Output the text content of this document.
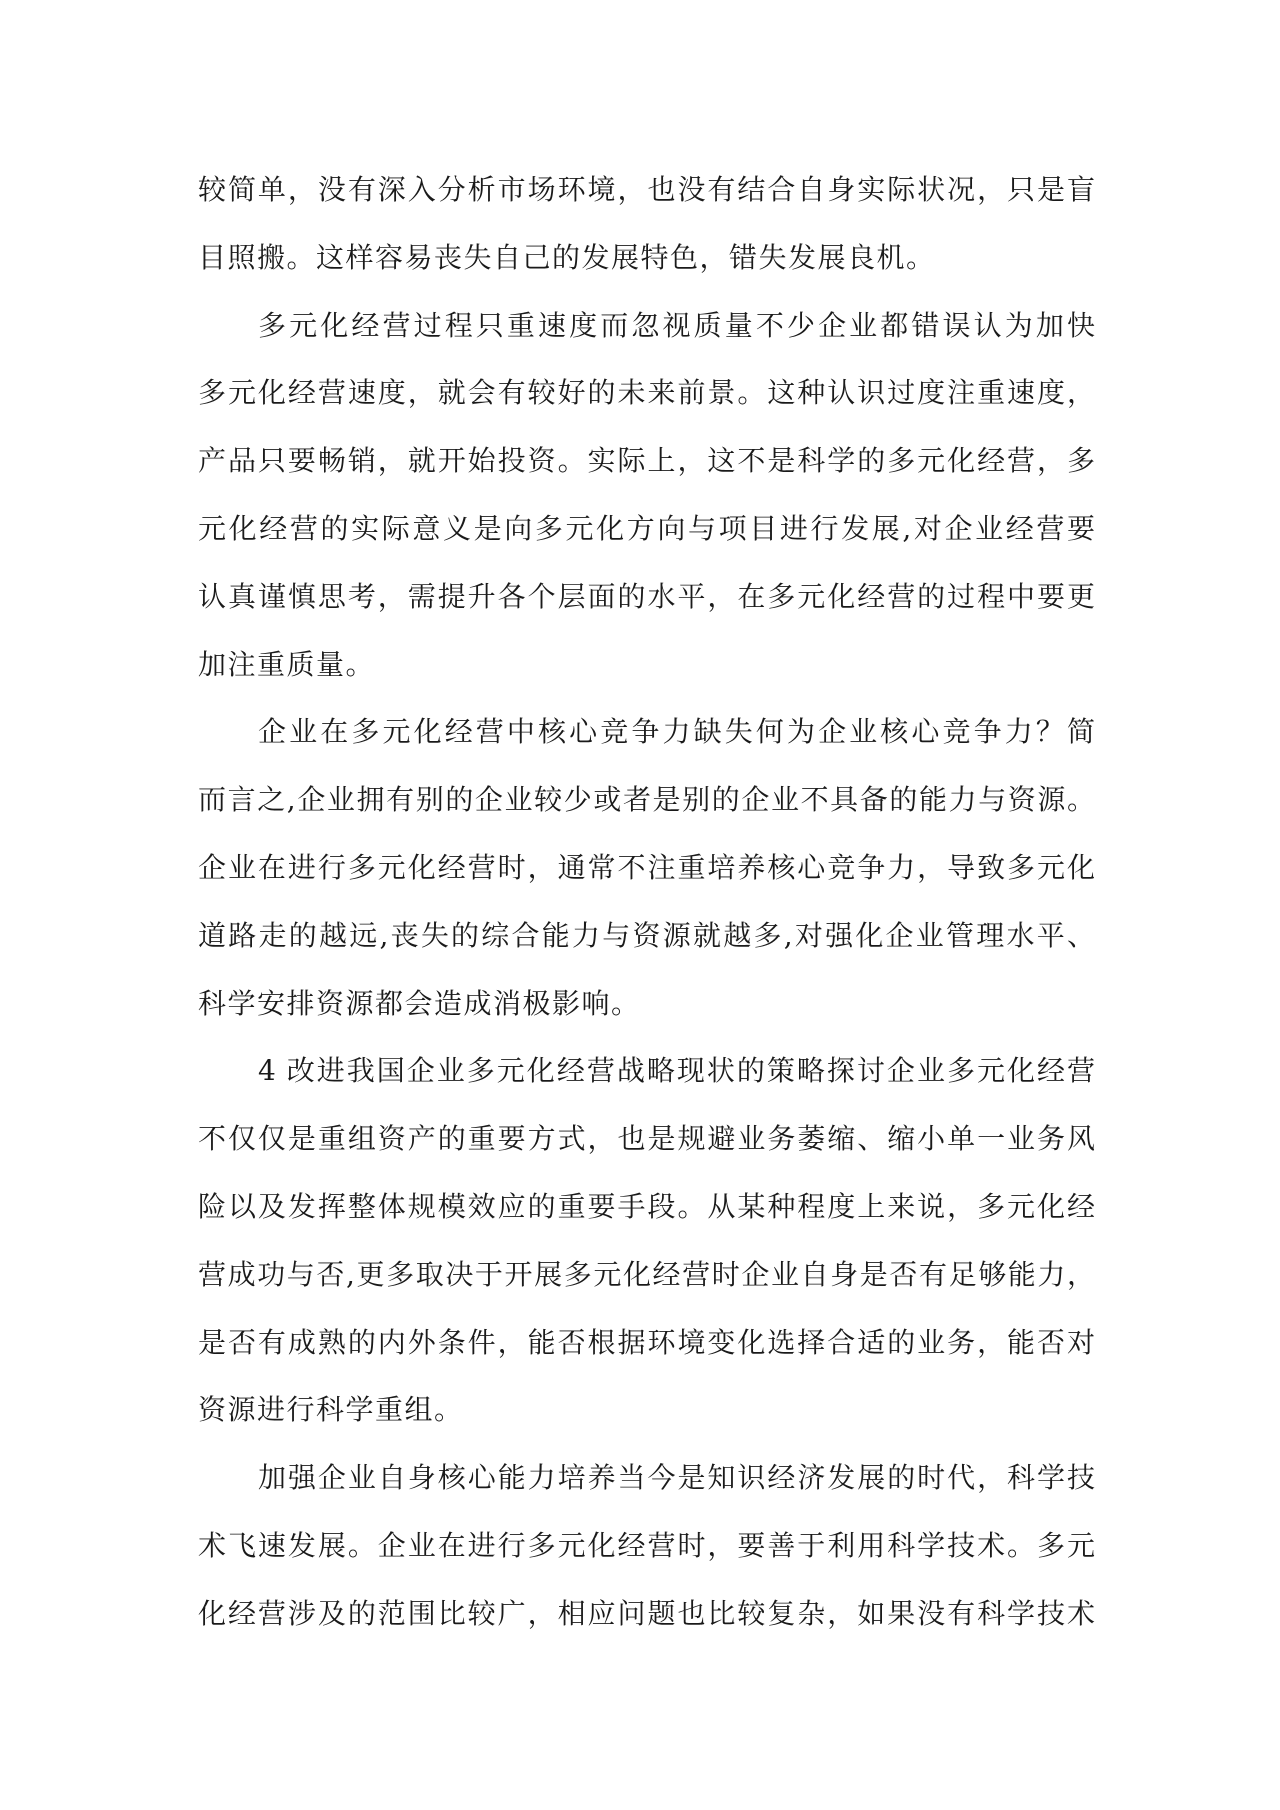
较简单，没有深入分析市场环境，也没有结合自身实际状况，只是盲
目照搬。这样容易丧失自己的发展特色，错失发展良机。
多元化经营过程只重速度而忽视质量不少企业都错误认为加快
多元化经营速度，就会有较好的未来前景。这种认识过度注重速度，
产品只要畅销，就开始投资。实际上，这不是科学的多元化经营，多
元化经营的实际意义是向多元化方向与项目进行发展,对企业经营要
认真谨慎思考，需提升各个层面的水平，在多元化经营的过程中要更
加注重质量。
企业在多元化经营中核心竞争力缺失何为企业核心竞争力？简
而言之,企业拥有别的企业较少或者是别的企业不具备的能力与资源。
企业在进行多元化经营时，通常不注重培养核心竞争力，导致多元化
道路走的越远,丧失的综合能力与资源就越多,对强化企业管理水平、
科学安排资源都会造成消极影响。
4 改进我国企业多元化经营战略现状的策略探讨企业多元化经营
不仅仅是重组资产的重要方式，也是规避业务萎缩、缩小单一业务风
险以及发挥整体规模效应的重要手段。从某种程度上来说，多元化经
营成功与否,更多取决于开展多元化经营时企业自身是否有足够能力，
是否有成熟的内外条件，能否根据环境变化选择合适的业务，能否对
资源进行科学重组。
加强企业自身核心能力培养当今是知识经济发展的时代，科学技
术飞速发展。企业在进行多元化经营时，要善于利用科学技术。多元
化经营涉及的范围比较广，相应问题也比较复杂，如果没有科学技术
